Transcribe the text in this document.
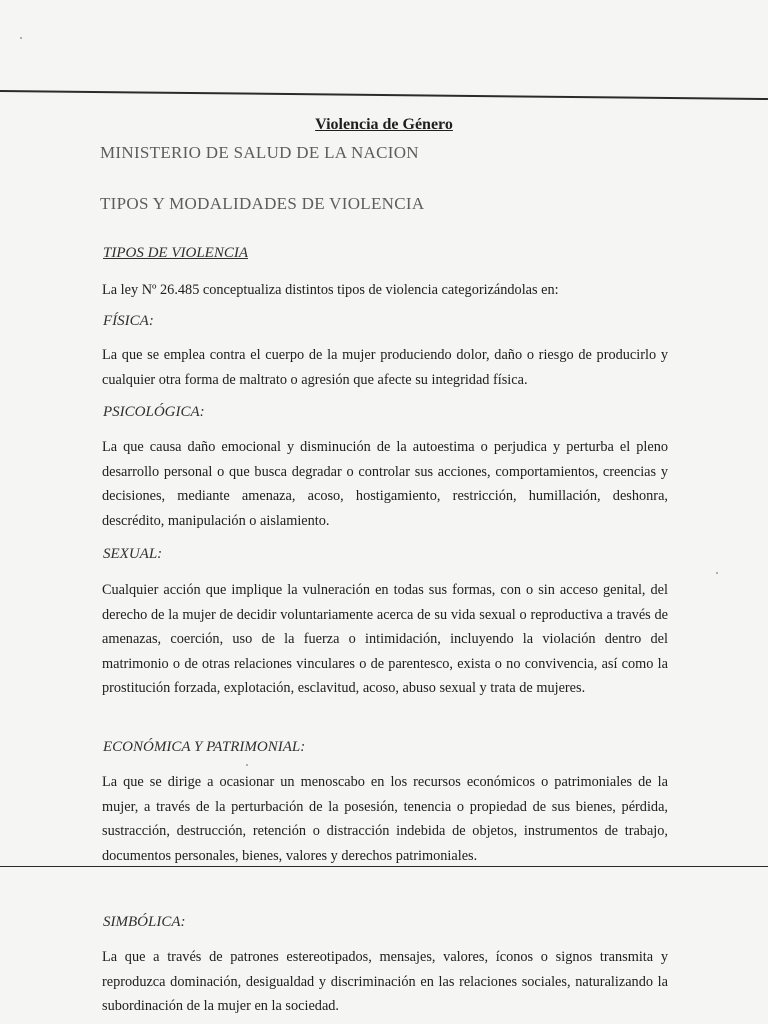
Violencia de Género
MINISTERIO DE SALUD DE LA NACION
TIPOS Y MODALIDADES DE VIOLENCIA
TIPOS DE VIOLENCIA
La ley Nº 26.485 conceptualiza distintos tipos de violencia categorizándolas en:
FÍSICA:
La que se emplea contra el cuerpo de la mujer produciendo dolor, daño o riesgo de producirlo y cualquier otra forma de maltrato o agresión que afecte su integridad física.
PSICOLÓGICA:
La que causa daño emocional y disminución de la autoestima o perjudica y perturba el pleno desarrollo personal o que busca degradar o controlar sus acciones, comportamientos, creencias y decisiones, mediante amenaza, acoso, hostigamiento, restricción, humillación, deshonra, descrédito, manipulación o aislamiento.
SEXUAL:
Cualquier acción que implique la vulneración en todas sus formas, con o sin acceso genital, del derecho de la mujer de decidir voluntariamente acerca de su vida sexual o reproductiva a través de amenazas, coerción, uso de la fuerza o intimidación, incluyendo la violación dentro del matrimonio o de otras relaciones vinculares o de parentesco, exista o no convivencia, así como la prostitución forzada, explotación, esclavitud, acoso, abuso sexual y trata de mujeres.
ECONÓMICA Y PATRIMONIAL:
La que se dirige a ocasionar un menoscabo en los recursos económicos o patrimoniales de la mujer, a través de la perturbación de la posesión, tenencia o propiedad de sus bienes, pérdida, sustracción, destrucción, retención o distracción indebida de objetos, instrumentos de trabajo, documentos personales, bienes, valores y derechos patrimoniales.
SIMBÓLICA:
La que a través de patrones estereotipados, mensajes, valores, íconos o signos transmita y reproduzca dominación, desigualdad y discriminación en las relaciones sociales, naturalizando la subordinación de la mujer en la sociedad.
